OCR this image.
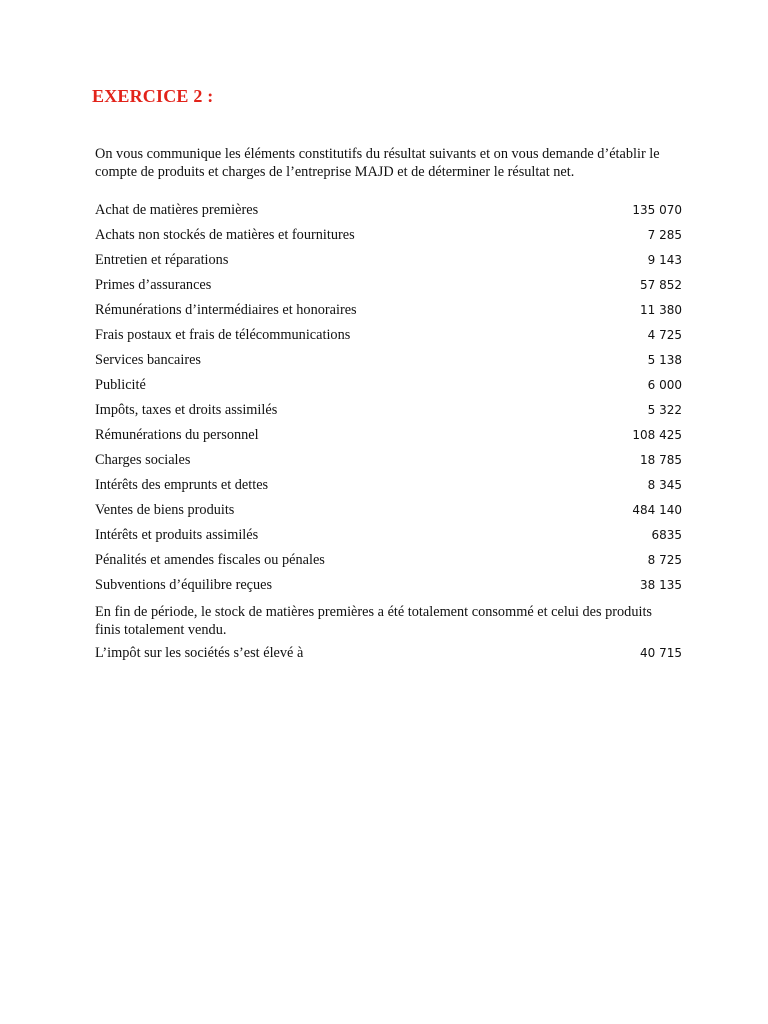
EXERCICE 2 :
On vous communique les éléments constitutifs du résultat suivants et on vous demande d’établir le compte de produits et charges de l’entreprise MAJD et de déterminer le résultat net.
Achat de matières premières	135 070
Achats non stockés de matières et fournitures	7 285
Entretien et réparations	9 143
Primes d’assurances	57 852
Rémunérations d’intermédiaires et honoraires	11 380
Frais postaux et frais de télécommunications	4 725
Services bancaires	5 138
Publicité	6 000
Impôts, taxes et droits assimilés	5 322
Rémunérations du personnel	108 425
Charges sociales	18 785
Intérêts des emprunts et dettes	8 345
Ventes de biens produits	484 140
Intérêts et produits assimilés	6835
Pénalités et amendes fiscales ou pénales	8 725
Subventions d’équilibre reçues	38 135
En fin de période, le stock de matières premières a été totalement consommé et celui des produits finis totalement vendu.
L’impôt sur les sociétés s’est élevé à	40 715
